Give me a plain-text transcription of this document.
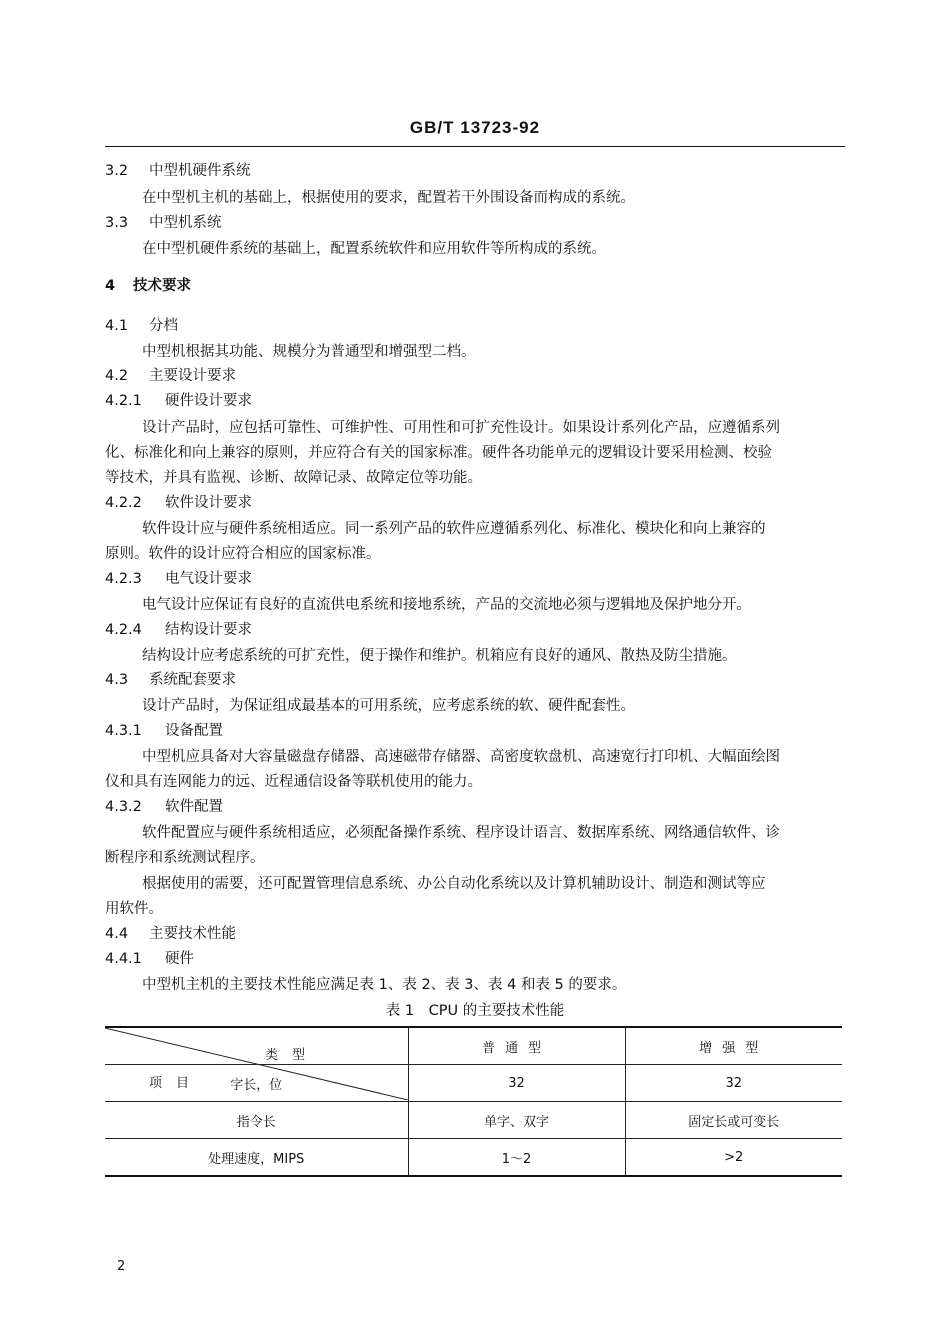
GB/T 13723-92
3.2 中型机硬件系统
在中型机主机的基础上，根据使用的要求，配置若干外围设备而构成的系统。
3.3 中型机系统
在中型机硬件系统的基础上，配置系统软件和应用软件等所构成的系统。
4 技术要求
4.1 分档
中型机根据其功能、规模分为普通型和增强型二档。
4.2 主要设计要求
4.2.1 硬件设计要求
设计产品时，应包括可靠性、可维护性、可用性和可扩充性设计。如果设计系列化产品，应遵循系列
化、标准化和向上兼容的原则，并应符合有关的国家标准。硬件各功能单元的逻辑设计要采用检测、校验
等技术，并具有监视、诊断、故障记录、故障定位等功能。
4.2.2 软件设计要求
软件设计应与硬件系统相适应。同一系列产品的软件应遵循系列化、标准化、模块化和向上兼容的
原则。软件的设计应符合相应的国家标准。
4.2.3 电气设计要求
电气设计应保证有良好的直流供电系统和接地系统，产品的交流地必须与逻辑地及保护地分开。
4.2.4 结构设计要求
结构设计应考虑系统的可扩充性，便于操作和维护。机箱应有良好的通风、散热及防尘措施。
4.3 系统配套要求
设计产品时，为保证组成最基本的可用系统，应考虑系统的软、硬件配套性。
4.3.1 设备配置
中型机应具备对大容量磁盘存储器、高速磁带存储器、高密度软盘机、高速宽行打印机、大幅面绘图
仪和具有连网能力的远、近程通信设备等联机使用的能力。
4.3.2 软件配置
软件配置应与硬件系统相适应，必须配备操作系统、程序设计语言、数据库系统、网络通信软件、诊
断程序和系统测试程序。
根据使用的需要，还可配置管理信息系统、办公自动化系统以及计算机辅助设计、制造和测试等应
用软件。
4.4 主要技术性能
4.4.1 硬件
中型机主机的主要技术性能应满足表 1、表 2、表 3、表 4 和表 5 的要求。
表 1　CPU 的主要技术性能
类型
项目	普通型	增强型
字长，位	32	32
指令长	单字、双字	固定长或可变长
处理速度，MIPS	1～2	>2
2
